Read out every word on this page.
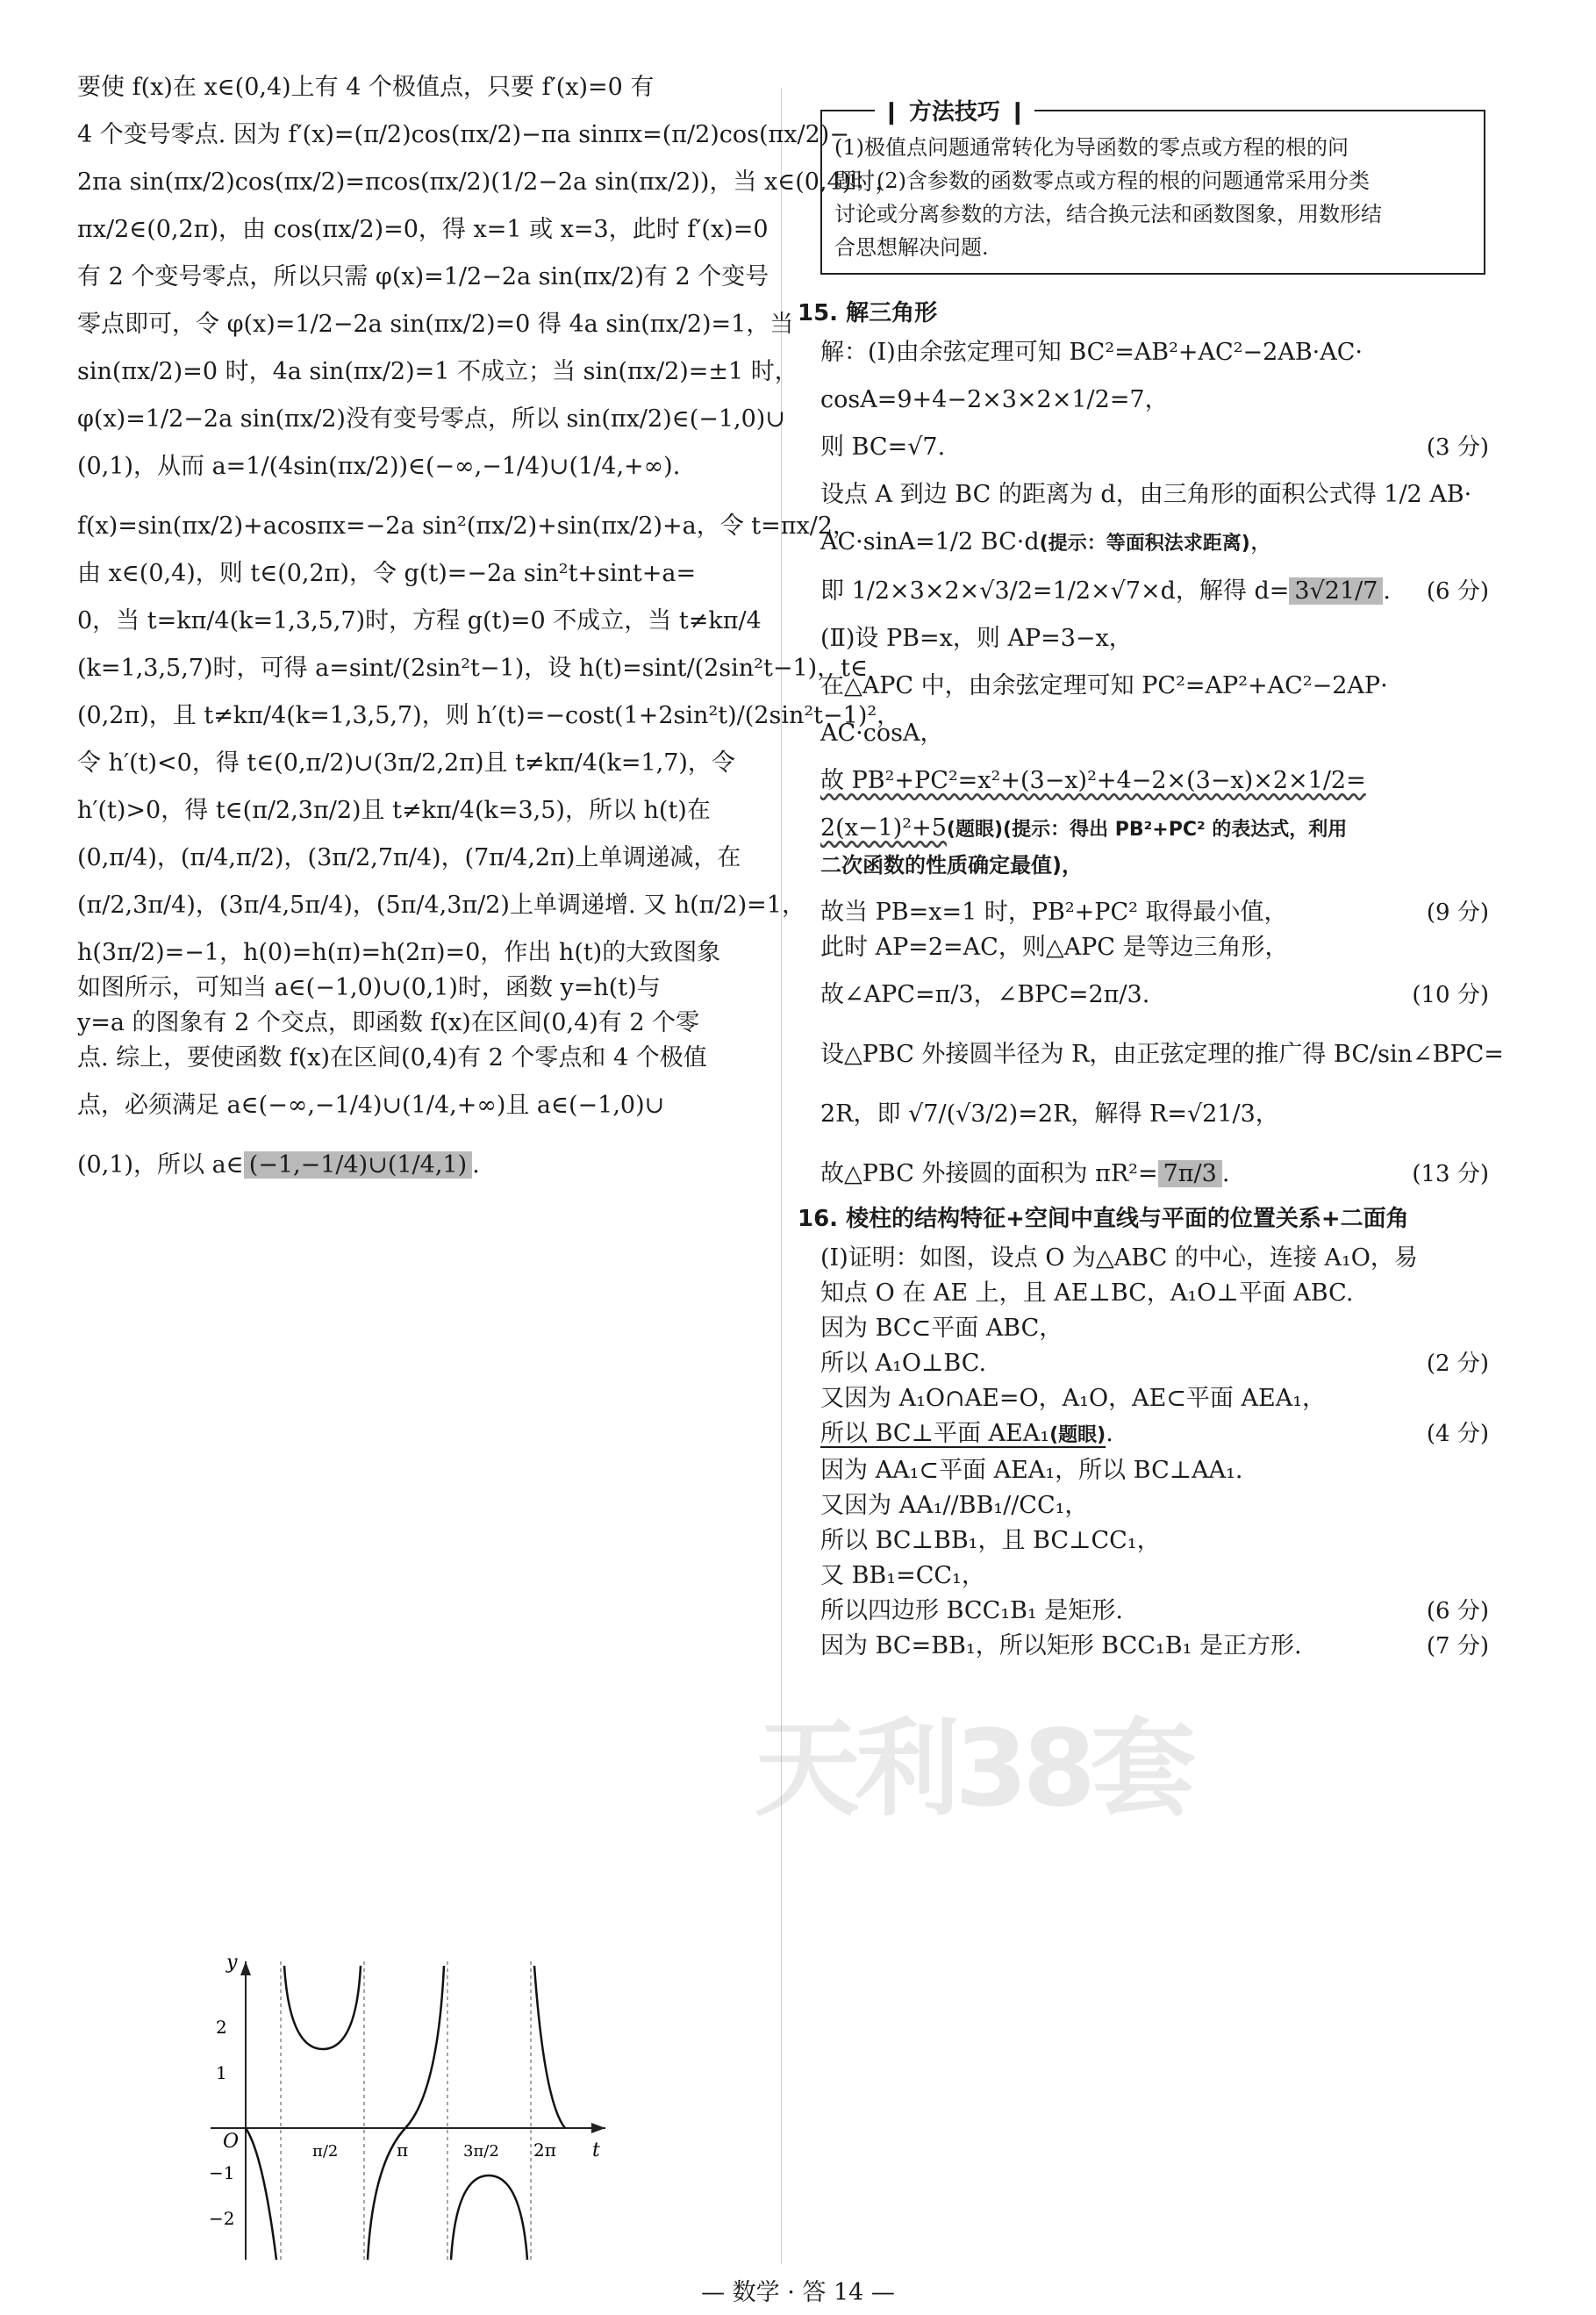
要使 f(x)在 x∈(0,4)上有 4 个极值点，只要 f′(x)=0 有

4 个变号零点. 因为 f′(x)=(π/2)cos(πx/2)−πa sinπx=(π/2)cos(πx/2)−

2πa sin(πx/2)cos(πx/2)=πcos(πx/2)(1/2−2a sin(πx/2))，当 x∈(0,4)时，

πx/2∈(0,2π)，由 cos(πx/2)=0，得 x=1 或 x=3，此时 f′(x)=0

有 2 个变号零点，所以只需 φ(x)=1/2−2a sin(πx/2)有 2 个变号

零点即可，令 φ(x)=1/2−2a sin(πx/2)=0 得 4a sin(πx/2)=1，当

sin(πx/2)=0 时，4a sin(πx/2)=1 不成立；当 sin(πx/2)=±1 时，

φ(x)=1/2−2a sin(πx/2)没有变号零点，所以 sin(πx/2)∈(−1,0)∪

(0,1)，从而 a=1/(4sin(πx/2))∈(−∞,−1/4)∪(1/4,+∞).

f(x)=sin(πx/2)+acosπx=−2a sin²(πx/2)+sin(πx/2)+a，令 t=πx/2，

由 x∈(0,4)，则 t∈(0,2π)，令 g(t)=−2a sin²t+sint+a=

0，当 t=kπ/4(k=1,3,5,7)时，方程 g(t)=0 不成立，当 t≠kπ/4

(k=1,3,5,7)时，可得 a=sint/(2sin²t−1)，设 h(t)=sint/(2sin²t−1)，t∈

(0,2π)，且 t≠kπ/4(k=1,3,5,7)，则 h′(t)=−cost(1+2sin²t)/(2sin²t−1)²，

令 h′(t)<0，得 t∈(0,π/2)∪(3π/2,2π)且 t≠kπ/4(k=1,7)，令

h′(t)>0，得 t∈(π/2,3π/2)且 t≠kπ/4(k=3,5)，所以 h(t)在

(0,π/4)，(π/4,π/2)，(3π/2,7π/4)，(7π/4,2π)上单调递减，在

(π/2,3π/4)，(3π/4,5π/4)，(5π/4,3π/2)上单调递增. 又 h(π/2)=1，

h(3π/2)=−1，h(0)=h(π)=h(2π)=0，作出 h(t)的大致图象

如图所示，可知当 a∈(−1,0)∪(0,1)时，函数 y=h(t)与

y=a 的图象有 2 个交点，即函数 f(x)在区间(0,4)有 2 个零

点. 综上，要使函数 f(x)在区间(0,4)有 2 个零点和 4 个极值

点，必须满足 a∈(−∞,−1/4)∪(1/4,+∞)且 a∈(−1,0)∪

(0,1)，所以 a∈ (−1,−1/4)∪(1/4,1) .

y
t
O
2
1
−1
−2
π/2	π	3π/2 2π
❙ 方法技巧 ❙
(1)极值点问题通常转化为导函数的零点或方程的根的问
题；(2)含参数的函数零点或方程的根的问题通常采用分类
讨论或分离参数的方法，结合换元法和函数图象，用数形结
合思想解决问题.
15. 解三角形

解：(Ⅰ)由余弦定理可知 BC²=AB²+AC²−2AB·AC·

cosA=9+4−2×3×2×1/2=7，

则 BC=√7.	(3 分)

设点 A 到边 BC 的距离为 d，由三角形的面积公式得 1/2 AB·

AC·sinA=1/2 BC·d(提示：等面积法求距离)，

即 1/2×3×2×√3/2=1/2×√7×d，解得 d= 3√21/7 . (6 分)

(Ⅱ)设 PB=x，则 AP=3−x，

在△APC 中，由余弦定理可知 PC²=AP²+AC²−2AP·

AC·cosA，

故 PB²+PC²=x²+(3−x)²+4−2×(3−x)×2×1/2=

2(x−1)²+5(题眼)(提示：得出 PB²+PC² 的表达式，利用

二次函数的性质确定最值)，

故当 PB=x=1 时，PB²+PC² 取得最小值，	(9 分)

此时 AP=2=AC，则△APC 是等边三角形，

故∠APC=π/3，∠BPC=2π/3.	(10 分)

设△PBC 外接圆半径为 R，由正弦定理的推广得 BC/sin∠BPC=

2R，即 √7/(√3/2)=2R，解得 R=√21/3，

故△PBC 外接圆的面积为 πR²= 7π/3 .	(13 分)
16. 棱柱的结构特征+空间中直线与平面的位置关系+二面角

(Ⅰ)证明：如图，设点 O 为△ABC 的中心，连接 A₁O，易

知点 O 在 AE 上，且 AE⊥BC，A₁O⊥平面 ABC.

因为 BC⊂平面 ABC，

所以 A₁O⊥BC.	(2 分)

又因为 A₁O∩AE=O，A₁O，AE⊂平面 AEA₁，

所以 BC⊥平面 AEA₁(题眼).	(4 分)

因为 AA₁⊂平面 AEA₁，所以 BC⊥AA₁.

又因为 AA₁//BB₁//CC₁，

所以 BC⊥BB₁，且 BC⊥CC₁，

又 BB₁=CC₁，

所以四边形 BCC₁B₁ 是矩形.	(6 分)
因为 BC=BB₁，所以矩形 BCC₁B₁ 是正方形.	(7 分)
天利38套
— 数学 · 答 14 —
